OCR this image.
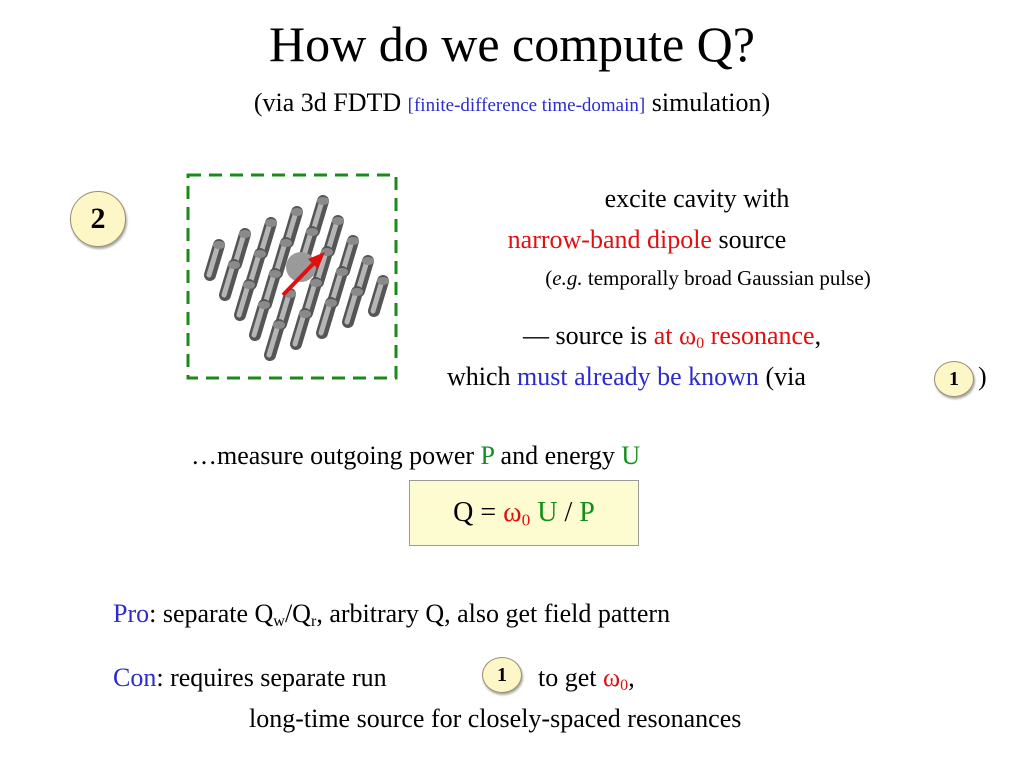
How do we compute Q?
(via 3d FDTD [finite-difference time-domain] simulation)
2
excite cavity with
narrow-band dipole source
(e.g. temporally broad Gaussian pulse)
— source is at $\omega_0$ resonance,
which must already be known (via	1 )
…measure outgoing power P and energy U
$Q = \omega_0$ U / P
Pro: separate $Q_w/Q_r$, arbitrary Q, also get field pattern
Con: requires separate run	1	to get $\omega_0$,
long-time source for closely-spaced resonances
